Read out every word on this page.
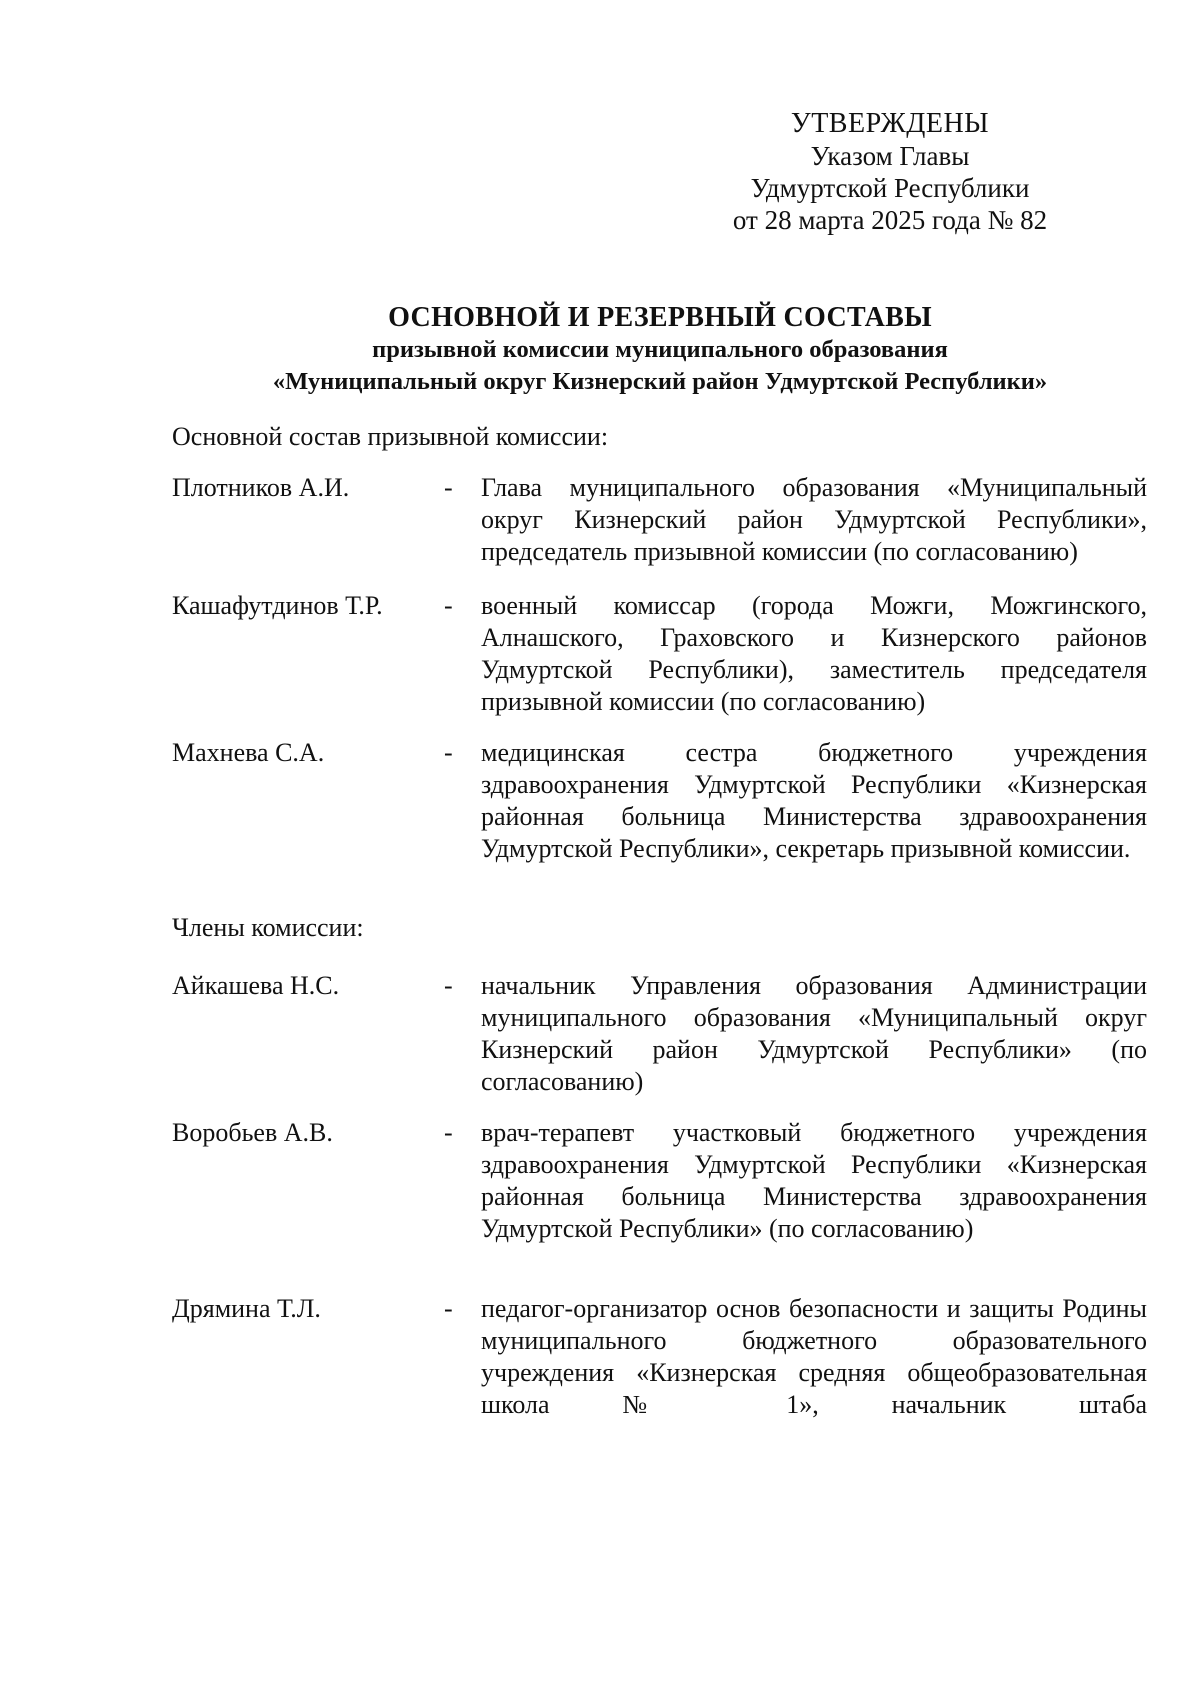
УТВЕРЖДЕНЫ
Указом Главы
Удмуртской Республики
от 28 марта 2025 года № 82
ОСНОВНОЙ И РЕЗЕРВНЫЙ СОСТАВЫ
призывной комиссии муниципального образования
«Муниципальный округ Кизнерский район Удмуртской Республики»
Основной состав призывной комиссии:
Плотников А.И.	- Глава муниципального образования «Муниципальный округ Кизнерский район Удмуртской Республики», председатель призывной комиссии (по согласованию)
Кашафутдинов Т.Р.	- военный комиссар (города Можги, Можгинского, Алнашского, Граховского и Кизнерского районов Удмуртской Республики), заместитель председателя призывной комиссии (по согласованию)
Махнева С.А.	- медицинская сестра бюджетного учреждения здравоохранения Удмуртской Республики «Кизнерская районная больница Министерства здравоохранения Удмуртской Республики», секретарь призывной комиссии.
Члены комиссии:
Айкашева Н.С.	- начальник Управления образования Администрации муниципального образования «Муниципальный округ Кизнерский район Удмуртской Республики» (по согласованию)
Воробьев А.В.	- врач-терапевт участковый бюджетного учреждения здравоохранения Удмуртской Республики «Кизнерская районная больница Министерства здравоохранения Удмуртской Республики» (по согласованию)
Дрямина Т.Л.	- педагог-организатор основ безопасности и защиты Родины муниципального бюджетного образовательного учреждения «Кизнерская средняя общеобразовательная школа № 1», начальник штаба
